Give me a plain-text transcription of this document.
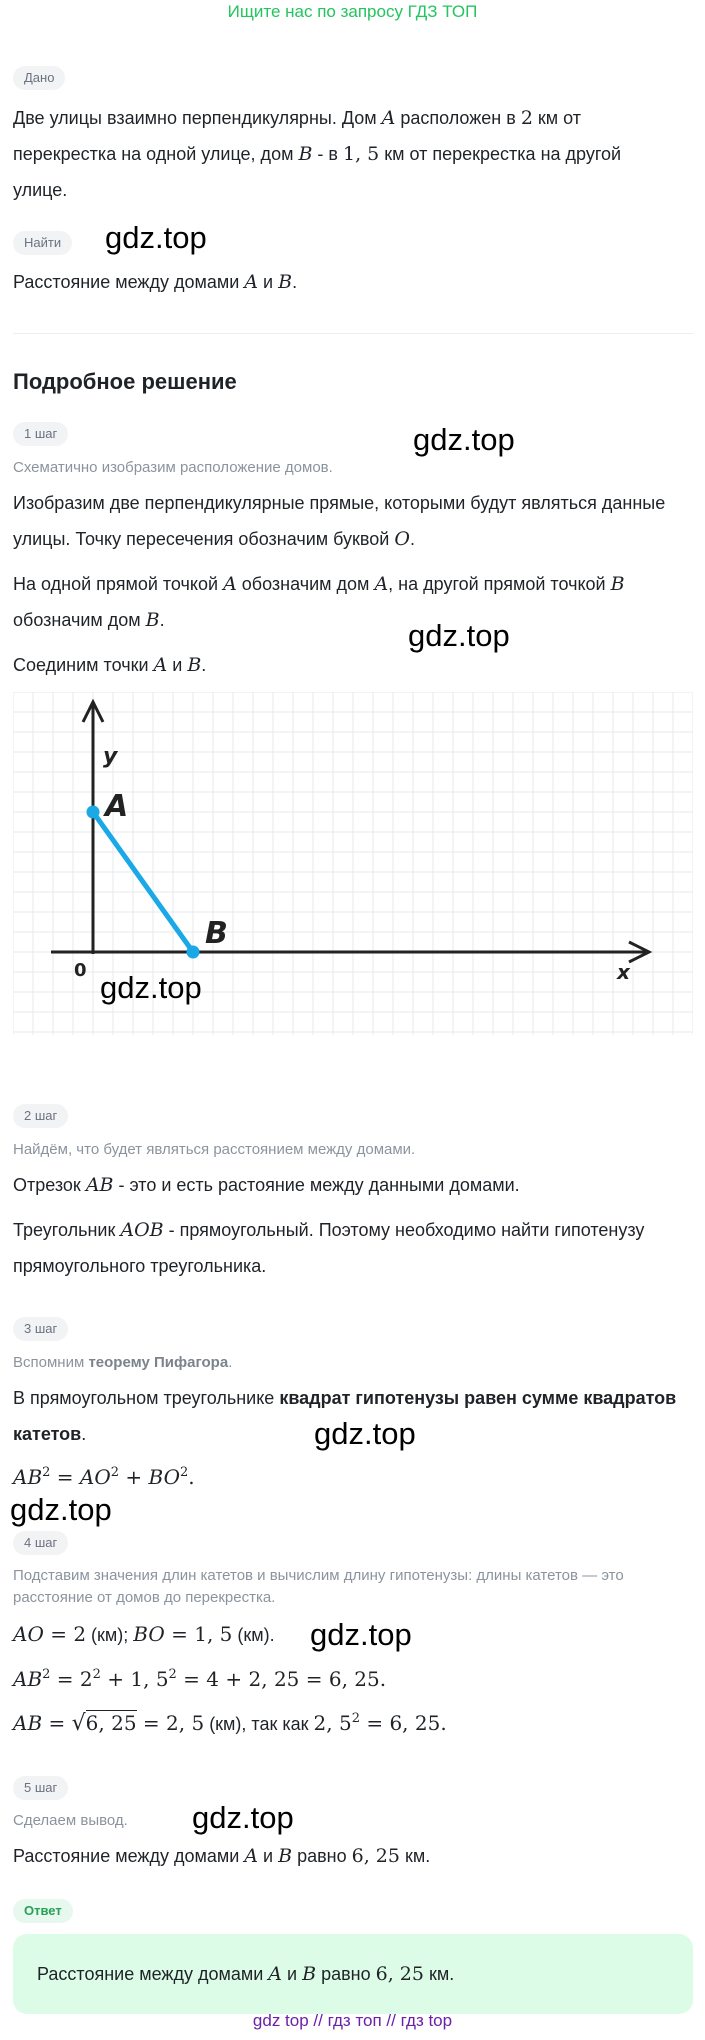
Ищите нас по запросу ГДЗ ТОП
Дано
Две улицы взаимно перпендикулярны. Дом A расположен в 2 км от
перекрестка на одной улице, дом B - в 1, 5 км от перекрестка на другой
улице.
Найти	gdz.top
Расстояние между домами A и B.
Подробное решение
1 шаг	gdz.top
Схематично изобразим расположение домов.
Изобразим две перпендикулярные прямые, которыми будут являться данные
улицы. Точку пересечения обозначим буквой O.
На одной прямой точкой A обозначим дом A, на другой прямой точкой B
обозначим дом B.	gdz.top
Соединим точки A и B.
y
A
B
0	x
gdz.top
2 шаг
Найдём, что будет являться расстоянием между домами.
Отрезок AB - это и есть растояние между данными домами.
Треугольник AOB - прямоугольный. Поэтому необходимо найти гипотенузу
прямоугольного треугольника.
3 шаг
Вспомним теорему Пифагора.
В прямоугольном треугольнике квадрат гипотенузы равен сумме квадратов
катетов.	gdz.top
$AB^2 = AO^2 + BO^2$.
gdz.top
4 шаг
Подставим значения длин катетов и вычислим длину гипотенузы: длины катетов — это
расстояние от домов до перекрестка.
AO = 2 (км); BO = 1, 5 (км). gdz.top
$AB^2 = 2^2 + 1$, $5^2 = 4 + 2$, 25 = 6, 25.
AB = √6, 25 = 2, 5 (км), так как 2, $5^2 = 6$, 25.
5 шаг
gdz.top
Сделаем вывод.
Расстояние между домами A и B равно 6, 25 км.
Ответ
Расстояние между домами A и B равно 6, 25 км.
gdz top // гдз топ // гдз top
